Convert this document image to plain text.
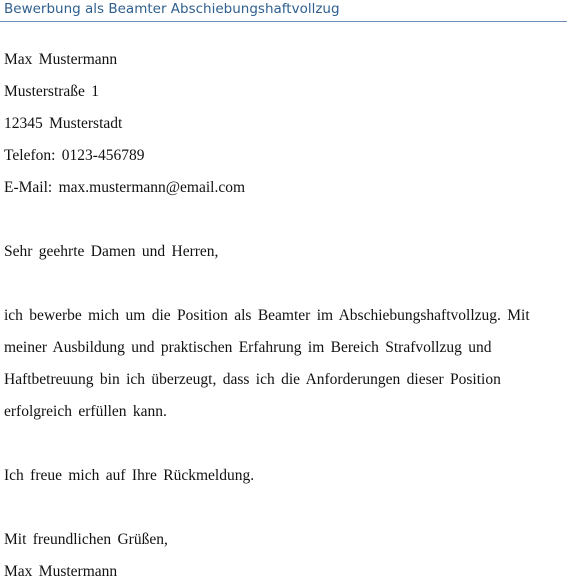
Bewerbung als Beamter Abschiebungshaftvollzug
Max Mustermann
Musterstraße 1
12345 Musterstadt
Telefon: 0123-456789
E-Mail: max.mustermann@email.com
Sehr geehrte Damen und Herren,
ich bewerbe mich um die Position als Beamter im Abschiebungshaftvollzug. Mit
meiner Ausbildung und praktischen Erfahrung im Bereich Strafvollzug und
Haftbetreuung bin ich überzeugt, dass ich die Anforderungen dieser Position
erfolgreich erfüllen kann.
Ich freue mich auf Ihre Rückmeldung.
Mit freundlichen Grüßen,
Max Mustermann
